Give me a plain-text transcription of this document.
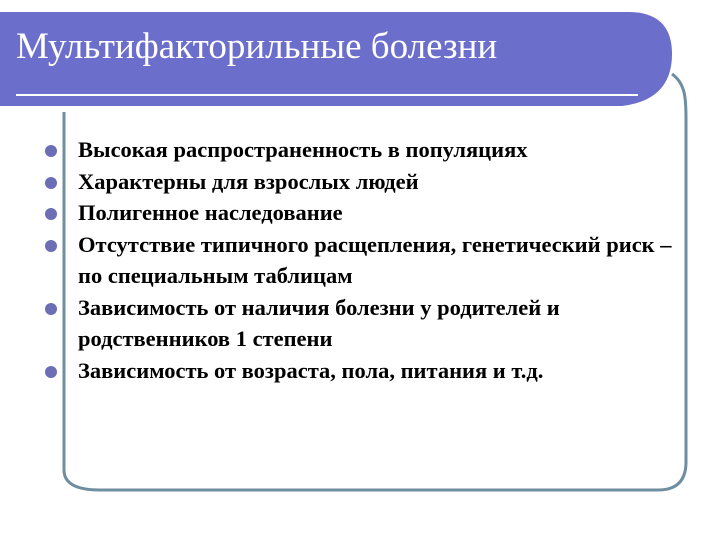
Мультифакторильные болезни
Высокая распространенность в популяциях
Характерны для взрослых людей
Полигенное наследование
Отсутствие типичного расщепления, генетический риск – по специальным таблицам
Зависимость от наличия болезни у родителей и родственников 1 степени
Зависимость от возраста, пола, питания и т.д.
